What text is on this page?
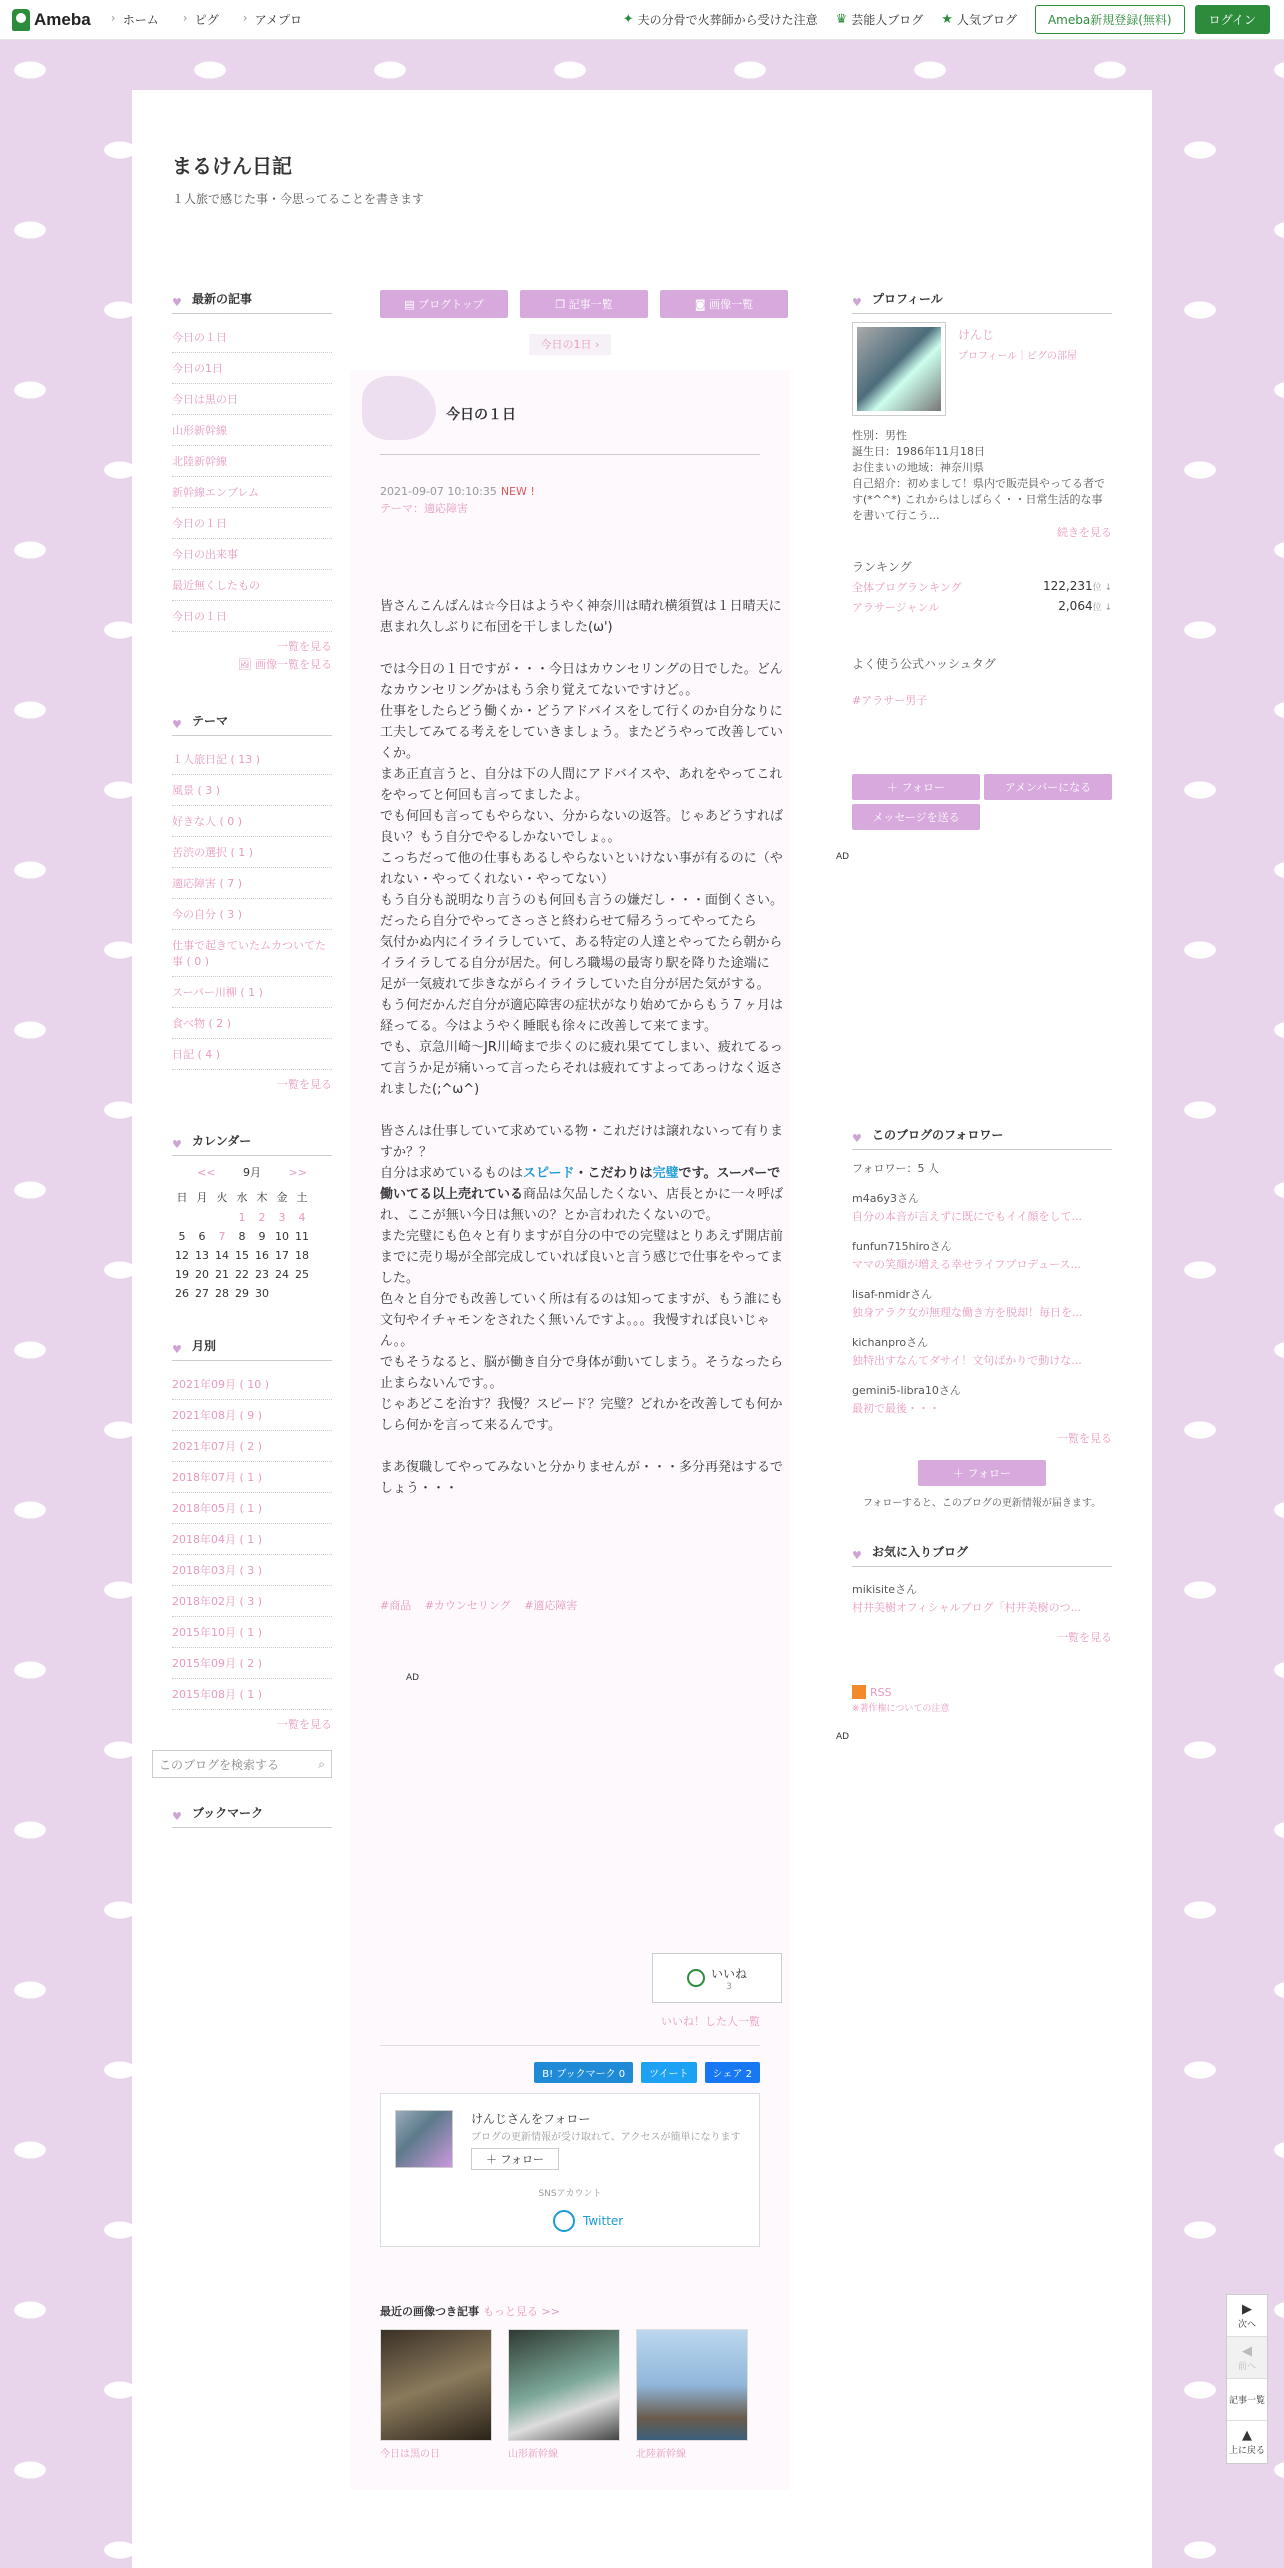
Ameba	› ホーム	› ピグ	› アメプロ	✦ 夫の分骨で火葬師から受けた注意 ♛ 芸能人ブログ ★ 人気ブログ	Ameba新規登録(無料)	ログイン
まるけん日記
１人旅で感じた事・今思ってることを書きます
♥ 最新の記事
今日の１日
今日の1日
今日は黒の日
山形新幹線
北陸新幹線
新幹線エンブレム
今日の１日
今日の出来事
最近無くしたもの
今日の１日
一覧を見る
🖼 画像一覧を見る
♥ テーマ
１人旅日記 ( 13 )
風景 ( 3 )
好きな人 ( 0 )
苦渋の選択 ( 1 )
適応障害 ( 7 )
今の自分 ( 3 )
仕事で起きていたムカついてた事 ( 0 )
スーパー川柳 ( 1 )
食べ物 ( 2 )
日記 ( 4 )
一覧を見る
♥ カレンダー
<<	9月	>>
日	月	火	水	木	金	土
			1	2	3	4
5	6	7	8	9	10	11
12	13	14	15	16	17	18
19	20	21	22	23	24	25
26	27	28	29	30		
♥ 月別
2021年09月 ( 10 )
2021年08月 ( 9 )
2021年07月 ( 2 )
2018年07月 ( 1 )
2018年05月 ( 1 )
2018年04月 ( 1 )
2018年03月 ( 3 )
2018年02月 ( 3 )
2015年10月 ( 1 )
2015年09月 ( 2 )
2015年08月 ( 1 )
一覧を見る
このブログを検索する	⌕
♥ ブックマーク
▤ ブログトップ	❐ 記事一覧	◙ 画像一覧
今日の1日 ›
今日の１日
2021-09-07 10:10:35 NEW !
テーマ：適応障害
皆さんこんばんは☆今日はようやく神奈川は晴れ横須賀は１日晴天に恵まれ久しぶりに布団を干しました(ω')

では今日の１日ですが・・・今日はカウンセリングの日でした。どんなカウンセリングかはもう余り覚えてないですけど。。
仕事をしたらどう働くか・どうアドバイスをして行くのか自分なりに工夫してみてる考えをしていきましょう。またどうやって改善していくか。
まあ正直言うと、自分は下の人間にアドバイスや、あれをやってこれをやってと何回も言ってましたよ。
でも何回も言ってもやらない、分からないの返答。じゃあどうすれば良い？もう自分でやるしかないでしょ。。
こっちだって他の仕事もあるしやらないといけない事が有るのに（やれない・やってくれない・やってない）
もう自分も説明なり言うのも何回も言うの嫌だし・・・面倒くさい。だったら自分でやってさっさと終わらせて帰ろうってやってたら
気付かぬ内にイライラしていて、ある特定の人達とやってたら朝からイライラしてる自分が居た。何しろ職場の最寄り駅を降りた途端に　　　　　足が一気疲れて歩きながらイライラしていた自分が居た気がする。
もう何だかんだ自分が適応障害の症状がなり始めてからもう７ヶ月は経ってる。今はようやく睡眠も徐々に改善して来てます。
でも、京急川崎～JR川崎まで歩くのに疲れ果ててしまい、疲れてるって言うか足が痛いって言ったらそれは疲れてすよってあっけなく返されました(;^ω^)

皆さんは仕事していて求めている物・これだけは譲れないって有りますか？？
自分は求めているものはスピード・こだわりは完璧です。スーパーで働いてる以上売れている商品は欠品したくない、店長とかに一々呼ばれ、ここが無い今日は無いの？とか言われたくないので。
また完璧にも色々と有りますが自分の中での完璧はとりあえず開店前までに売り場が全部完成していれば良いと言う感じで仕事をやってました。
色々と自分でも改善していく所は有るのは知ってますが、もう誰にも文句やイチャモンをされたく無いんですよ。。。我慢すれば良いじゃん。。
でもそうなると、脳が働き自分で身体が動いてしまう。そうなったら止まらないんです。。
じゃあどこを治す？我慢？スピード？完璧？どれかを改善しても何かしら何かを言って来るんです。

まあ復職してやってみないと分かりませんが・・・多分再発はするでしょう・・・
#商品 #カウンセリング #適応障害
AD
いいね
3
いいね！した人一覧
B! ブックマーク 0	ツイート	シェア 2
けんじさんをフォロー
ブログの更新情報が受け取れて、アクセスが簡単になります
＋ フォロー
SNSアカウント
Twitter
最近の画像つき記事 もっと見る >>
今日は黒の日	山形新幹線	北陸新幹線
♥ プロフィール
けんじ
プロフィール｜ピグの部屋
性別：男性
誕生日：1986年11月18日
お住まいの地域：神奈川県
自己紹介：初めまして！県内で販売員やってる者です(*^^*) これからはしばらく・・日常生活的な事を書いて行こう...
続きを見る
ランキング
全体ブログランキング	122,231位 ↓
アラサージャンル	2,064位 ↓
よく使う公式ハッシュタグ
#アラサー男子
＋ フォロー	アメンバーになる
メッセージを送る
AD
♥ このブログのフォロワー
フォロワー：5 人
m4a6y3さん
自分の本音が言えずに既にでもイイ顔をして...
funfun715hiroさん
ママの笑顔が増える幸せライフプロデュース...
lisaf-nmidrさん
独身アラク女が無理な働き方を脱却！毎日を...
kichanproさん
独特出すなんてダサイ！文句ばかりで動けな...
gemini5-libra10さん
最初で最後・・・
一覧を見る
＋ フォロー
フォローすると、このブログの更新情報が届きます。
♥ お気に入りブログ
mikisiteさん
村井美樹オフィシャルブログ「村井美樹のつ...
一覧を見る
RSS
※著作権についての注意
AD
▶
次へ
◀
前へ
記事一覧
▲
上に戻る
